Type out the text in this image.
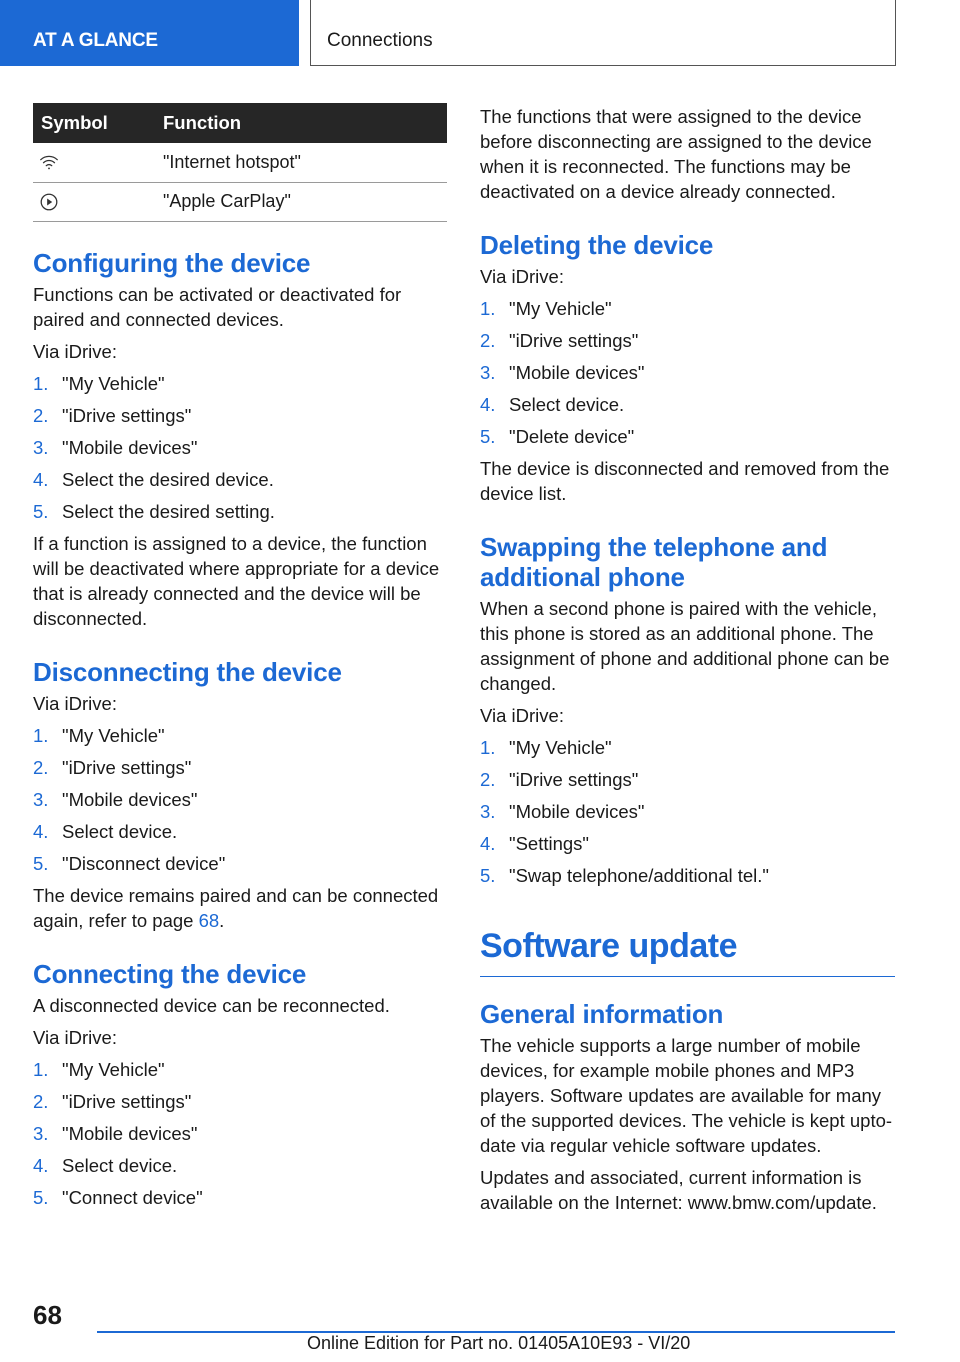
AT A GLANCE	Connections
Symbol	Function

	"Internet hotspot"

	"Apple CarPlay"
Configuring the device

Functions can be activated or deactivated for paired and connected devices.

Via iDrive:

1. "My Vehicle"
2. "iDrive settings"
3. "Mobile devices"
4. Select the desired device.
5. Select the desired setting.

If a function is assigned to a device, the function will be deactivated where appropriate for a device that is already connected and the device will be disconnected.

Disconnecting the device

Via iDrive:

1. "My Vehicle"
2. "iDrive settings"
3. "Mobile devices"
4. Select device.
5. "Disconnect device"

The device remains paired and can be connected again, refer to page 68.

Connecting the device

A disconnected device can be reconnected.

Via iDrive:

1. "My Vehicle"
2. "iDrive settings"
3. "Mobile devices"
4. Select device.
5. "Connect device"

The functions that were assigned to the device before disconnecting are assigned to the device when it is reconnected. The functions may be deactivated on a device already connected.

Deleting the device

Via iDrive:

1. "My Vehicle"
2. "iDrive settings"
3. "Mobile devices"
4. Select device.
5. "Delete device"

The device is disconnected and removed from the device list.

Swapping the telephone and additional phone

When a second phone is paired with the vehicle, this phone is stored as an additional phone. The assignment of phone and additional phone can be changed.

Via iDrive:

1. "My Vehicle"
2. "iDrive settings"
3. "Mobile devices"
4. "Settings"
5. "Swap telephone/additional tel."
Software update
General information

The vehicle supports a large number of mobile devices, for example mobile phones and MP3 players. Software updates are available for many of the supported devices. The vehicle is kept upto-date via regular vehicle software updates.

Updates and associated, current information is available on the Internet: www.bmw.com/update.

68
Online Edition for Part no. 01405A10E93 - VI/20
